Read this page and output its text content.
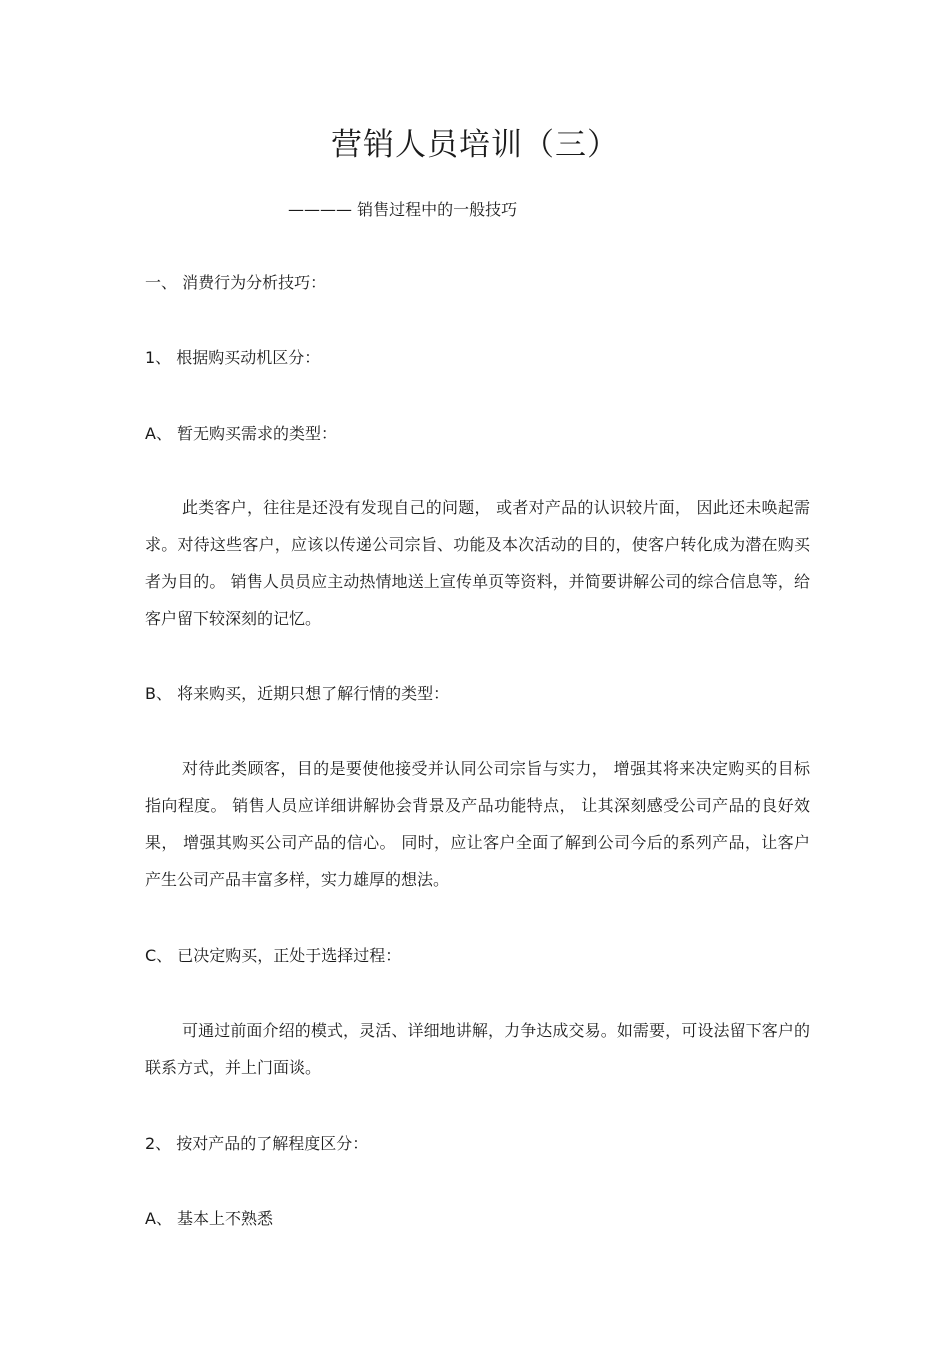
营销人员培训（三）
———— 销售过程中的一般技巧
一、 消费行为分析技巧：
1、 根据购买动机区分：
A、 暂无购买需求的类型：
此类客户，往往是还没有发现自己的问题， 或者对产品的认识较片面， 因此还未唤起需求。对待这些客户，应该以传递公司宗旨、功能及本次活动的目的，使客户转化成为潜在购买者为目的。 销售人员员应主动热情地送上宣传单页等资料，并简要讲解公司的综合信息等，给客户留下较深刻的记忆。
B、 将来购买，近期只想了解行情的类型：
对待此类顾客，目的是要使他接受并认同公司宗旨与实力， 增强其将来决定购买的目标指向程度。 销售人员应详细讲解协会背景及产品功能特点， 让其深刻感受公司产品的良好效果， 增强其购买公司产品的信心。 同时，应让客户全面了解到公司今后的系列产品，让客户产生公司产品丰富多样，实力雄厚的想法。
C、 已决定购买，正处于选择过程：
可通过前面介绍的模式，灵活、详细地讲解，力争达成交易。如需要，可设法留下客户的联系方式，并上门面谈。
2、 按对产品的了解程度区分：
A、 基本上不熟悉
